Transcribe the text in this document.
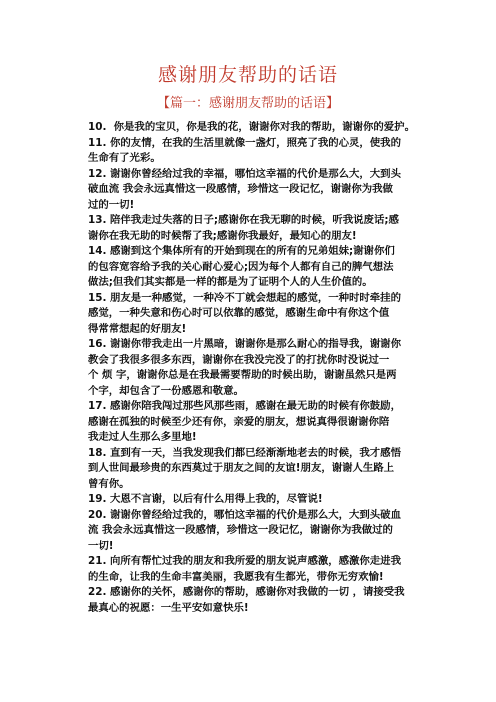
感谢朋友帮助的话语
【篇一：感谢朋友帮助的话语】

10.  你是我的宝贝，你是我的花，谢谢你对我的帮助，谢谢你的爱护。

11. 你的友情，在我的生活里就像一盏灯，照亮了我的心灵，使我的
生命有了光彩。

12. 谢谢你曾经给过我的幸福，哪怕这幸福的代价是那么大，大到头
破血流 我会永远真惜这一段感情，珍惜这一段记忆，谢谢你为我做
过的一切!

13. 陪伴我走过失落的日子;感谢你在我无聊的时候，听我说废话;感
谢你在我无助的时候帮了我;感谢你我最好，最知心的朋友!

14. 感谢到这个集体所有的开始到现在的所有的兄弟姐妹;谢谢你们
的包容宽容给予我的关心耐心爱心;因为每个人都有自己的脾气想法
做法;但我们其实都是一样的都是为了证明个人的人生价值的。

15. 朋友是一种感觉，一种冷不丁就会想起的感觉，一种时时牵挂的
感觉，一种失意和伤心时可以依靠的感觉，感谢生命中有你这个值
得常常想起的好朋友!

16. 谢谢你带我走出一片黑暗，谢谢你是那么耐心的指导我，谢谢你
教会了我很多很多东西，谢谢你在我没完没了的打扰你时没说过一
个 烦 字，谢谢你总是在我最需要帮助的时候出助，谢谢虽然只是两
个字，却包含了一份感恩和敬意。

17. 感谢你陪我闯过那些风那些雨，感谢在最无助的时候有你鼓励，
感谢在孤独的时候至少还有你，亲爱的朋友，想说真得很谢谢你陪
我走过人生那么多里地!

18. 直到有一天，当我发现我们都已经渐渐地老去的时候，我才感悟
到人世间最珍贵的东西莫过于朋友之间的友谊!朋友，谢谢人生路上
曾有你。

19. 大恩不言谢，以后有什么用得上我的，尽管说!

20. 谢谢你曾经给过我的，哪怕这幸福的代价是那么大，大到头破血
流 我会永远真惜这一段感情，珍惜这一段记忆，谢谢你为我做过的
一切!

21. 向所有帮忙过我的朋友和我所爱的朋友说声感激，感激你走进我
的生命，让我的生命丰富美丽，我愿我有生都光，带你无穷欢愉!

22. 感谢你的关怀，感谢你的帮助，感谢你对我做的一切 ，请接受我
最真心的祝愿：一生平安如意快乐!
